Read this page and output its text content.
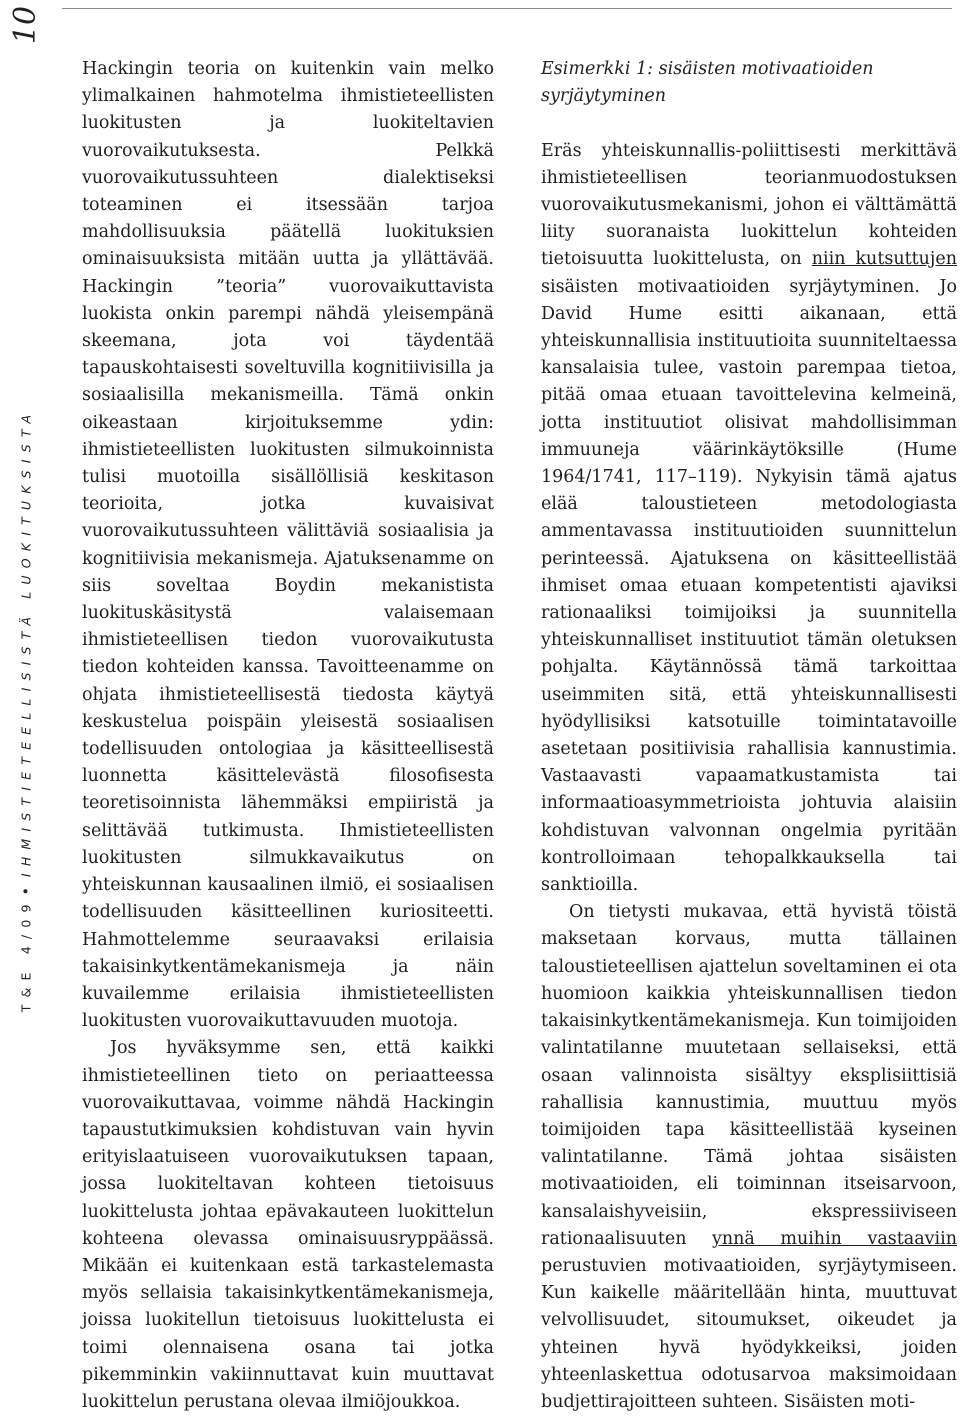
10
T&E 4/09•IHMISTIETEELLISISTÄ LUOKITUKSISTA

Hackingin teoria on kuitenkin vain melko ylimalkainen hahmotelma ihmistieteellisten luokitusten ja luokiteltavien vuorovaikutuksesta. Pelkkä vuorovaikutussuhteen dialektiseksi toteaminen ei itsessään tarjoa mahdollisuuksia päätellä luokituksien ominaisuuksista mitään uutta ja yllättävää. Hackingin ”teoria” vuorovaikuttavista luokista onkin parempi nähdä yleisempänä skeemana, jota voi täydentää tapauskohtaisesti soveltuvilla kognitiivisilla ja sosiaalisilla mekanismeilla. Tämä onkin oikeastaan kirjoituksemme ydin: ihmistieteellisten luokitusten silmukoinnista tulisi muotoilla sisällöllisiä keskitason teorioita, jotka kuvaisivat vuorovaikutussuhteen välittäviä sosiaalisia ja kognitiivisia mekanismeja. Ajatuksenamme on siis soveltaa Boydin mekanistista luokituskäsitystä valaisemaan ihmistieteellisen tiedon vuorovaikutusta tiedon kohteiden kanssa. Tavoitteenamme on ohjata ihmistieteellisestä tiedosta käytyä keskustelua poispäin yleisestä sosiaalisen todellisuuden ontologiaa ja käsitteellisestä luonnetta käsittelevästä filosofisesta teoretisoinnista lähemmäksi empiiristä ja selittävää tutkimusta. Ihmistieteellisten luokitusten silmukkavaikutus on yhteiskunnan kausaalinen ilmiö, ei sosiaalisen todellisuuden käsitteellinen kuriositeetti. Hahmottelemme seuraavaksi erilaisia takaisinkytkentämekanismeja ja näin kuvailemme erilaisia ihmistieteellisten luokitusten vuorovaikuttavuuden muotoja.

Jos hyväksymme sen, että kaikki ihmistieteellinen tieto on periaatteessa vuorovaikuttavaa, voimme nähdä Hackingin tapaustutkimuksien kohdistuvan vain hyvin erityislaatuiseen vuorovaikutuksen tapaan, jossa luokiteltavan kohteen tietoisuus luokittelusta johtaa epävakauteen luokittelun kohteena olevassa ominaisuusryppäässä. Mikään ei kuitenkaan estä tarkastelemasta myös sellaisia takaisinkytkentämekanismeja, joissa luokitellun tietoisuus luokittelusta ei toimi olennaisena osana tai jotka pikemminkin vakiinnuttavat kuin muuttavat luokittelun perustana olevaa ilmiöjoukkoa.

Esimerkki 1: sisäisten motivaatioiden syrjäytyminen

Eräs yhteiskunnallis-poliittisesti merkittävä ihmistieteellisen teorianmuodostuksen vuorovaikutusmekanismi, johon ei välttämättä liity suoranaista luokittelun kohteiden tietoisuutta luokittelusta, on niin kutsuttujen sisäisten motivaatioiden syrjäytyminen. Jo David Hume esitti aikanaan, että yhteiskunnallisia instituutioita suunniteltaessa kansalaisia tulee, vastoin parempaa tietoa, pitää omaa etuaan tavoittelevina kelmeinä, jotta instituutiot olisivat mahdollisimman immuuneja väärinkäytöksille (Hume 1964/1741, 117–119). Nykyisin tämä ajatus elää taloustieteen metodologiasta ammentavassa instituutioiden suunnittelun perinteessä. Ajatuksena on käsitteellistää ihmiset omaa etuaan kompetentisti ajaviksi rationaaliksi toimijoiksi ja suunnitella yhteiskunnalliset instituutiot tämän oletuksen pohjalta. Käytännössä tämä tarkoittaa useimmiten sitä, että yhteiskunnallisesti hyödyllisiksi katsotuille toimintatavoille asetetaan positiivisia rahallisia kannustimia. Vastaavasti vapaamatkustamista tai informaatioasymmetrioista johtuvia alaisiin kohdistuvan valvonnan ongelmia pyritään kontrolloimaan tehopalkkauksella tai sanktioilla.

On tietysti mukavaa, että hyvistä töistä maksetaan korvaus, mutta tällainen taloustieteellisen ajattelun soveltaminen ei ota huomioon kaikkia yhteiskunnallisen tiedon takaisinkytkentämekanismeja. Kun toimijoiden valintatilanne muutetaan sellaiseksi, että osaan valinnoista sisältyy eksplisiittisiä rahallisia kannustimia, muuttuu myös toimijoiden tapa käsitteellistää kyseinen valintatilanne. Tämä johtaa sisäisten motivaatioiden, eli toiminnan itseisarvoon, kansalaishyveisiin, ekspressiiviseen rationaalisuuten ynnä muihin vastaaviin perustuvien motivaatioiden, syrjäytymiseen. Kun kaikelle määritellään hinta, muuttuvat velvollisuudet, sitoumukset, oikeudet ja yhteinen hyvä hyödykkeiksi, joiden yhteenlaskettua odotusarvoa maksimoidaan budjettirajoitteen suhteen. Sisäisten moti-
